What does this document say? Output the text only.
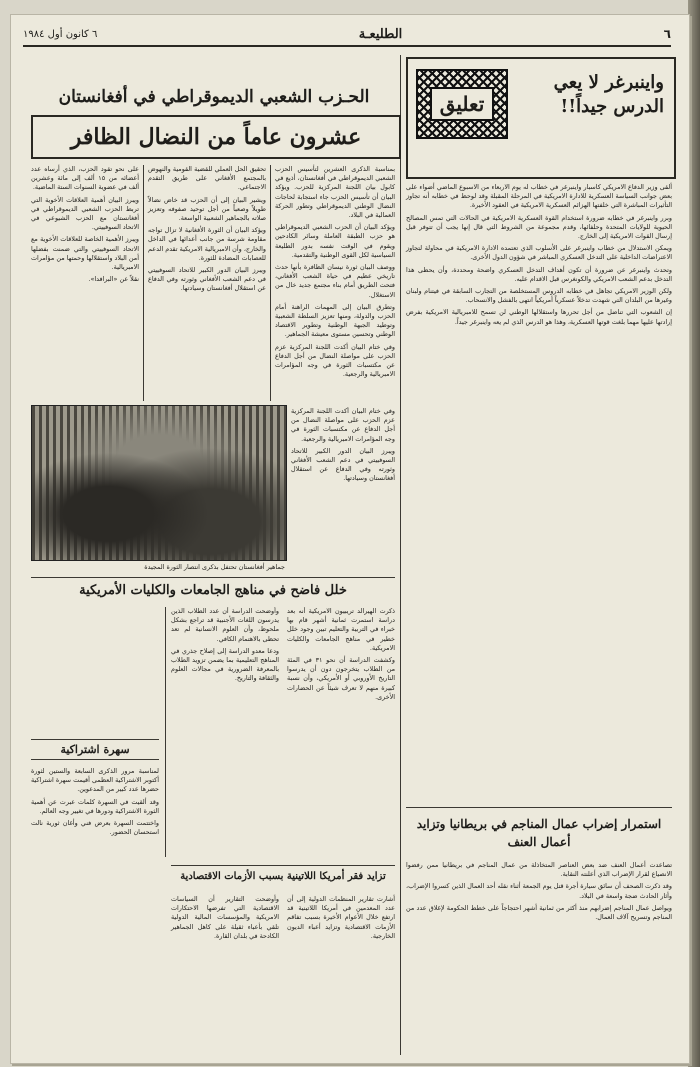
٦
الطليعـة
٦ كانون أول ١٩٨٤
تعليق
واينبرغر لا يعي الدرس جيداً!!

ألقى وزير الدفاع الامريكي كاسبار واينبرغر في خطاب له يوم الاربعاء من الاسبوع الماضي أضواء على بعض جوانب السياسة العسكرية للادارة الامريكية في المرحلة المقبلة وقد لوحظ في خطابه أنه تجاوز التأثيرات المباشرة التي خلفتها الهزائم العسكرية الامريكية في العقود الأخيرة.

وبرر واينبرغر في خطابه ضرورة استخدام القوة العسكرية الامريكية في الحالات التي تمس المصالح الحيوية للولايات المتحدة وحلفائها، وقدم مجموعة من الشروط التي قال إنها يجب أن تتوفر قبل إرسال القوات الامريكية إلى الخارج.

ويمكن الاستدلال من خطاب واينبرغر على الأسلوب الذي تعتمده الادارة الامريكية في محاولة لتجاوز الاعتراضات الداخلية على التدخل العسكري المباشر في شؤون الدول الأخرى.

وتحدث واينبرغر عن ضرورة أن تكون أهداف التدخل العسكري واضحة ومحددة، وأن يحظى هذا التدخل بدعم الشعب الامريكي والكونغرس قبل الاقدام عليه.

ولكن الوزير الامريكي تجاهل في خطابه الدروس المستخلصة من التجارب السابقة في فيتنام ولبنان وغيرها من البلدان التي شهدت تدخلاً عسكرياً أمريكياً انتهى بالفشل والانسحاب.

إن الشعوب التي تناضل من أجل تحررها واستقلالها الوطني لن تسمح للامبريالية الامريكية بفرض إرادتها عليها مهما بلغت قوتها العسكرية، وهذا هو الدرس الذي لم يعه واينبرغر جيداً.

استمرار إضراب عمال المناجم في بريطانيا وتزايد أعمال العنف

تصاعدت أعمال العنف ضد بعض العناصر المتخاذلة من عمال المناجم في بريطانيا ممن رفضوا الانصياع لقرار الإضراب الذي أعلنته النقابة.

وقد ذكرت الصحف أن سائق سيارة أجرة قتل يوم الجمعة أثناء نقله أحد العمال الذين كسروا الإضراب، وأثار الحادث ضجة واسعة في البلاد.

ويواصل عمال المناجم إضرابهم منذ أكثر من ثمانية أشهر احتجاجاً على خطط الحكومة لإغلاق عدد من المناجم وتسريح آلاف العمال.

الحـزب الشعبي الديموقراطي في أفغانستان
عشرون عاماً من النضال الظافر

بمناسبة الذكرى العشرين لتأسيس الحزب الشعبي الديموقراطي في أفغانستان، أذيع في كابول بيان اللجنة المركزية للحزب. ويؤكد البيان أن تأسيس الحزب جاء استجابة لحاجات النضال الوطني الديموقراطي وتطور الحركة العمالية في البلاد.

ويؤكد البيان أن الحزب الشعبي الديموقراطي هو حزب الطبقة العاملة وسائر الكادحين ويقوم في الوقت نفسه بدور الطليعة السياسية لكل القوى الوطنية والتقدمية.

ووصف البيان ثورة نيسان الظافرة بأنها حدث تاريخي عظيم في حياة الشعب الأفغاني، فتحت الطريق أمام بناء مجتمع جديد خال من الاستغلال.

وتطرق البيان إلى المهمات الراهنة أمام الحزب والدولة، ومنها تعزيز السلطة الشعبية وتوطيد الجبهة الوطنية وتطوير الاقتصاد الوطني وتحسين مستوى معيشة الجماهير.

وفي ختام البيان أكدت اللجنة المركزية عزم الحزب على مواصلة النضال من أجل الدفاع عن مكتسبات الثورة في وجه المؤامرات الامبريالية والرجعية.

تحقيق الحل العملي للقضية القومية والنهوض بالمجتمع الأفغاني على طريق التقدم الاجتماعي.

ويشير البيان إلى أن الحزب قد خاض نضالاً طويلاً وصعباً من أجل توحيد صفوفه وتعزيز صلاته بالجماهير الشعبية الواسعة.

ويؤكد البيان أن الثورة الأفغانية لا تزال تواجه مقاومة شرسة من جانب أعدائها في الداخل والخارج، وأن الامبريالية الامريكية تقدم الدعم للعصابات المضادة للثورة.

ويبرز البيان الدور الكبير للاتحاد السوفييتي في دعم الشعب الأفغاني وثورته وفي الدفاع عن استقلال أفغانستان وسيادتها.

على نحو تقود الحزب، الذي أرساه عدد أعضائه من ١٥ ألف إلى مائة وعشرين ألف في عضوية السنوات الستة الماضية.

ويبرز البيان أهمية العلاقات الأخوية التي تربط الحزب الشعبي الديموقراطي في أفغانستان مع الحزب الشيوعي في الاتحاد السوفييتي.

ويبرز الأهمية الخاصة للعلاقات الأخوية مع الاتحاد السوفييتي والتي ضمنت بفضلها أمن البلاد واستقلالها وحمتها من مؤامرات الامبريالية.

نقلاً عن «البرافدا».

جماهير أفغانستان تحتفل بذكرى انتصار الثورة المجيدة

وفي ختام البيان أكدت اللجنة المركزية عزم الحزب على مواصلة النضال من أجل الدفاع عن مكتسبات الثورة في وجه المؤامرات الامبريالية والرجعية.

ويبرز البيان الدور الكبير للاتحاد السوفييتي في دعم الشعب الأفغاني وثورته وفي الدفاع عن استقلال أفغانستان وسيادتها.

خلل فاضح في مناهج الجامعات والكليات الأمريكية

ذكرت الهيرالد تريبيون الامريكية أنه بعد دراسة استمرت ثمانية أشهر قام بها خبراء في التربية والتعليم تبين وجود خلل خطير في مناهج الجامعات والكليات الامريكية.

وكشفت الدراسة أن نحو ٣١ في المئة من الطلاب يتخرجون دون أن يدرسوا التاريخ الأوروبي أو الأمريكي، وأن نسبة كبيرة منهم لا تعرف شيئاً عن الحضارات الأخرى.

وأوضحت الدراسة أن عدد الطلاب الذين يدرسون اللغات الأجنبية قد تراجع بشكل ملحوظ، وأن العلوم الانسانية لم تعد تحظى بالاهتمام الكافي.

ودعا معدو الدراسة إلى إصلاح جذري في المناهج التعليمية بما يضمن تزويد الطلاب بالمعرفة الضرورية في مجالات العلوم والثقافة والتاريخ.

سهرة اشتراكية

لمناسبة مرور الذكرى السابعة والستين لثورة أكتوبر الاشتراكية العظمى أقيمت سهرة اشتراكية حضرها عدد كبير من المدعوين.

وقد ألقيت في السهرة كلمات عبرت عن أهمية الثورة الاشتراكية ودورها في تغيير وجه العالم.

واختتمت السهرة بعرض فني وأغان ثورية نالت استحسان الحضور.

تزايد فقر أمريكا اللاتينية بسبب الأزمات الاقتصادية

أشارت تقارير المنظمات الدولية إلى أن عدد المعدمين في أمريكا اللاتينية قد ارتفع خلال الأعوام الأخيرة بسبب تفاقم الأزمات الاقتصادية وتزايد أعباء الديون الخارجية.

وأوضحت التقارير أن السياسات الاقتصادية التي تفرضها الاحتكارات الامريكية والمؤسسات المالية الدولية تلقي بأعباء ثقيلة على كاهل الجماهير الكادحة في بلدان القارة.
